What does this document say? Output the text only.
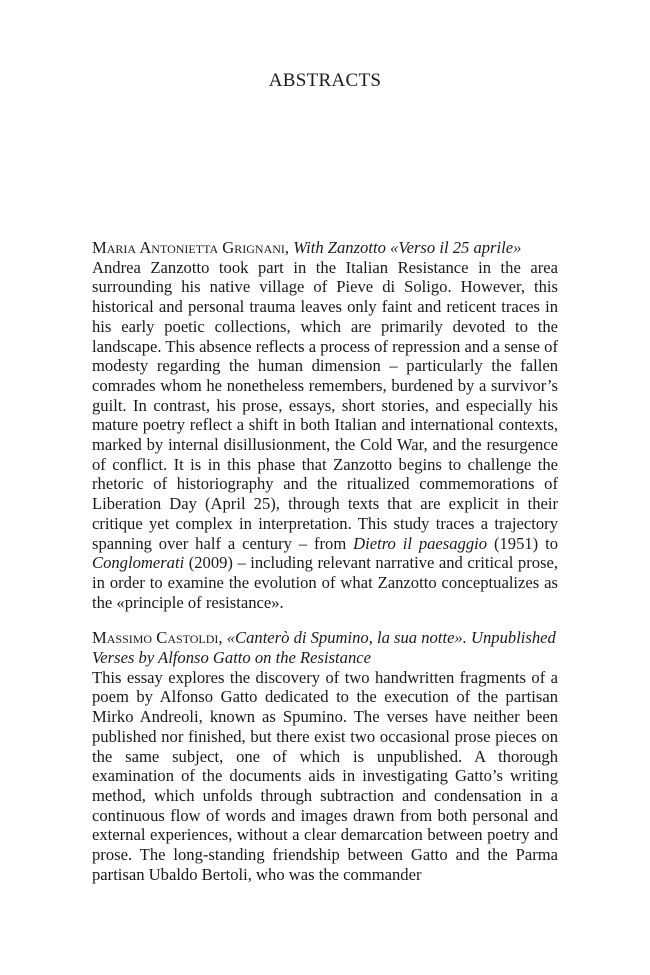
ABSTRACTS
Maria Antonietta Grignani, With Zanzotto «Verso il 25 aprile»

Andrea Zanzotto took part in the Italian Resistance in the area surrounding his native village of Pieve di Soligo. However, this historical and personal trauma leaves only faint and reticent traces in his early poetic collections, which are primarily devoted to the landscape. This absence reflects a process of repression and a sense of modesty regarding the human dimension – particularly the fallen comrades whom he nonetheless remembers, burdened by a survivor’s guilt. In contrast, his prose, essays, short stories, and especially his mature poetry reflect a shift in both Italian and international contexts, marked by internal disillusionment, the Cold War, and the resurgence of conflict. It is in this phase that Zanzotto begins to challenge the rhetoric of historiography and the ritualized commemorations of Liberation Day (April 25), through texts that are explicit in their critique yet complex in interpretation. This study traces a trajectory spanning over half a century – from Dietro il paesaggio (1951) to Conglomerati (2009) – including relevant narrative and critical prose, in order to examine the evolution of what Zanzotto conceptualizes as the «principle of resistance».

Massimo Castoldi, «Canterò di Spumino, la sua notte». Unpublished Verses by Alfonso Gatto on the Resistance

This essay explores the discovery of two handwritten fragments of a poem by Alfonso Gatto dedicated to the execution of the partisan Mirko Andreoli, known as Spumino. The verses have neither been published nor finished, but there exist two occasional prose pieces on the same subject, one of which is unpublished. A thorough examination of the documents aids in investigating Gatto’s writing method, which unfolds through subtraction and condensation in a continuous flow of words and images drawn from both personal and external experiences, without a clear demarcation between poetry and prose. The long-standing friendship between Gatto and the Parma partisan Ubaldo Bertoli, who was the commander
